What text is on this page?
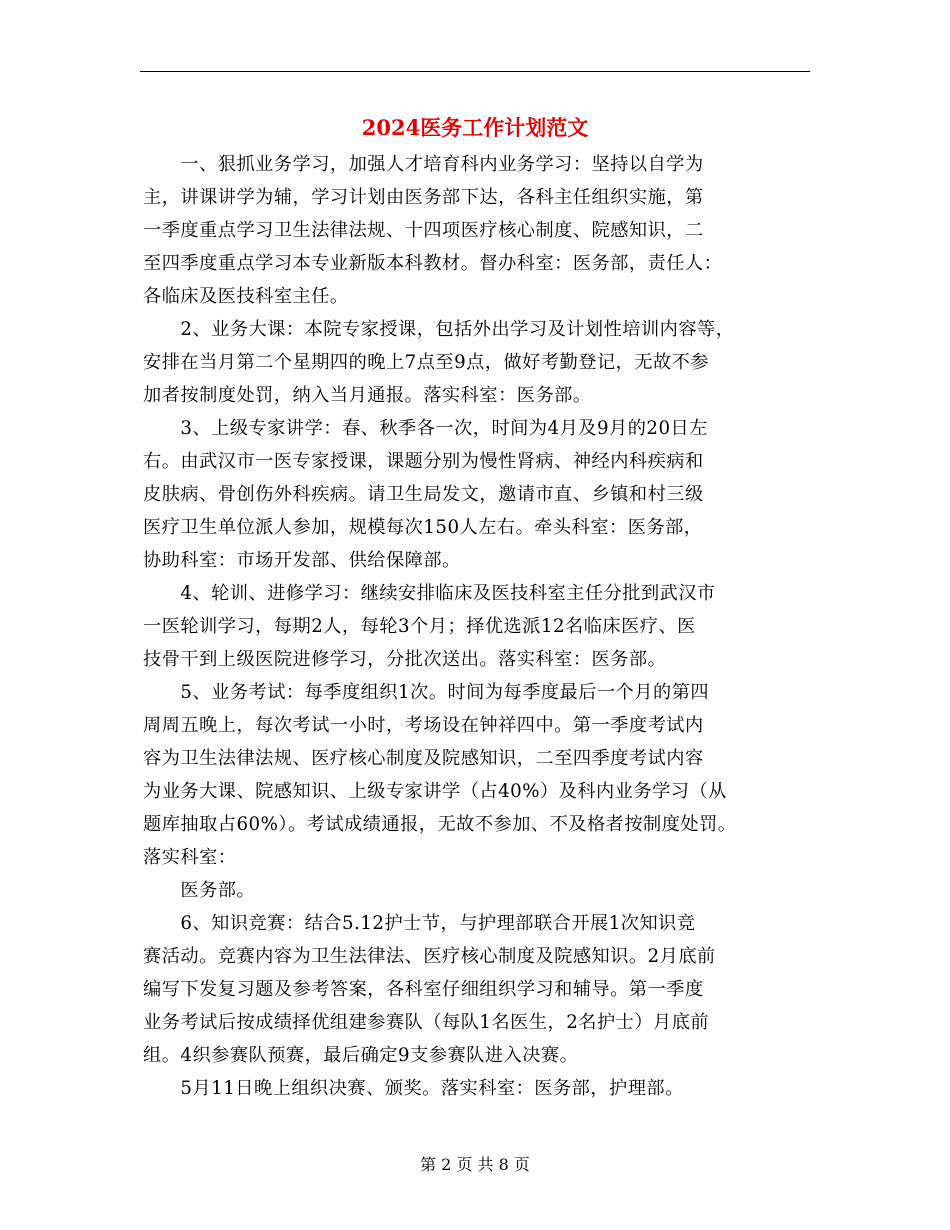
2024医务工作计划范文
　　一、狠抓业务学习，加强人才培育科内业务学习：坚持以自学为
主，讲课讲学为辅，学习计划由医务部下达，各科主任组织实施，第
一季度重点学习卫生法律法规、十四项医疗核心制度、院感知识，二
至四季度重点学习本专业新版本科教材。督办科室：医务部，责任人：
各临床及医技科室主任。
　　2、业务大课：本院专家授课，包括外出学习及计划性培训内容等，
安排在当月第二个星期四的晚上7点至9点，做好考勤登记，无故不参
加者按制度处罚，纳入当月通报。落实科室：医务部。
　　3、上级专家讲学：春、秋季各一次，时间为4月及9月的20日左
右。由武汉市一医专家授课，课题分别为慢性肾病、神经内科疾病和
皮肤病、骨创伤外科疾病。请卫生局发文，邀请市直、乡镇和村三级
医疗卫生单位派人参加，规模每次150人左右。牵头科室：医务部，
协助科室：市场开发部、供给保障部。
　　4、轮训、进修学习：继续安排临床及医技科室主任分批到武汉市
一医轮训学习，每期2人，每轮3个月；择优选派12名临床医疗、医
技骨干到上级医院进修学习，分批次送出。落实科室：医务部。
　　5、业务考试：每季度组织1次。时间为每季度最后一个月的第四
周周五晚上，每次考试一小时，考场设在钟祥四中。第一季度考试内
容为卫生法律法规、医疗核心制度及院感知识，二至四季度考试内容
为业务大课、院感知识、上级专家讲学（占40%）及科内业务学习（从
题库抽取占60%）。考试成绩通报，无故不参加、不及格者按制度处罚。
落实科室：
　　医务部。
　　6、知识竞赛：结合5.12护士节，与护理部联合开展1次知识竞
赛活动。竞赛内容为卫生法律法、医疗核心制度及院感知识。2月底前
编写下发复习题及参考答案，各科室仔细组织学习和辅导。第一季度
业务考试后按成绩择优组建参赛队（每队1名医生，2名护士）月底前
组。4织参赛队预赛，最后确定9支参赛队进入决赛。
　　5月11日晚上组织决赛、颁奖。落实科室：医务部，护理部。
第 2 页 共 8 页
